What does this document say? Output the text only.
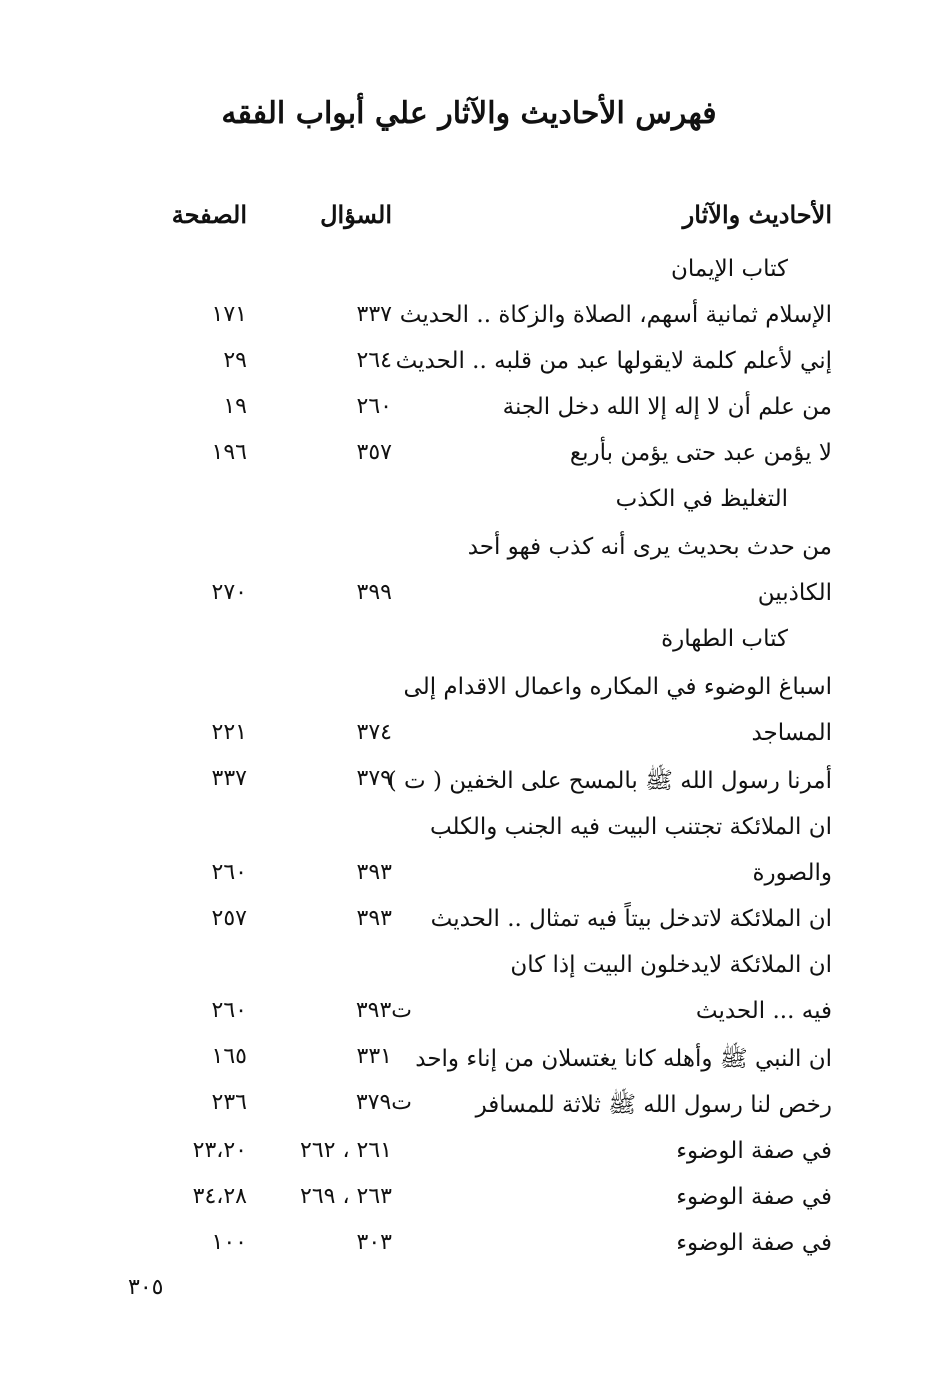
فهرس الأحاديث والآثار علي أبواب الفقه
الأحاديث والآثار
السؤال
الصفحة
كتاب الإيمان
الإسلام ثمانية أسهم، الصلاة والزكاة .. الحديث
٣٣٧
١٧١
إني لأعلم كلمة لايقولها عبد من قلبه .. الحديث
٢٦٤
٢٩
من علم أن لا إله إلا الله دخل الجنة
٢٦٠
١٩
لا يؤمن عبد حتى يؤمن بأربع
٣٥٧
١٩٦
التغليظ في الكذب
من حدث بحديث يرى أنه كذب فهو أحد
الكاذبين
٣٩٩
٢٧٠
كتاب الطهارة
اسباغ الوضوء في المكاره واعمال الاقدام إلى
المساجد
٣٧٤
٢٢١
أمرنا رسول الله ﷺ بالمسح على الخفين ( ت )
٣٧٩
٣٣٧
ان الملائكة تجتنب البيت فيه الجنب والكلب
والصورة
٣٩٣
٢٦٠
ان الملائكة لاتدخل بيتاً فيه تمثال .. الحديث
٣٩٣
٢٥٧
ان الملائكة لايدخلون البيت إذا كان
فيه ... الحديث
ت٣٩٣
٢٦٠
ان النبي ﷺ وأهله كانا يغتسلان من إناء واحد
٣٣١
١٦٥
رخص لنا رسول الله ﷺ ثلاثة للمسافر
ت٣٧٩
٢٣٦
في صفة الوضوء
٢٦١ ، ٢٦٢
٢٣،٢٠
في صفة الوضوء
٢٦٣ ، ٢٦٩
٣٤،٢٨
في صفة الوضوء
٣٠٣
١٠٠
٣٠٥
